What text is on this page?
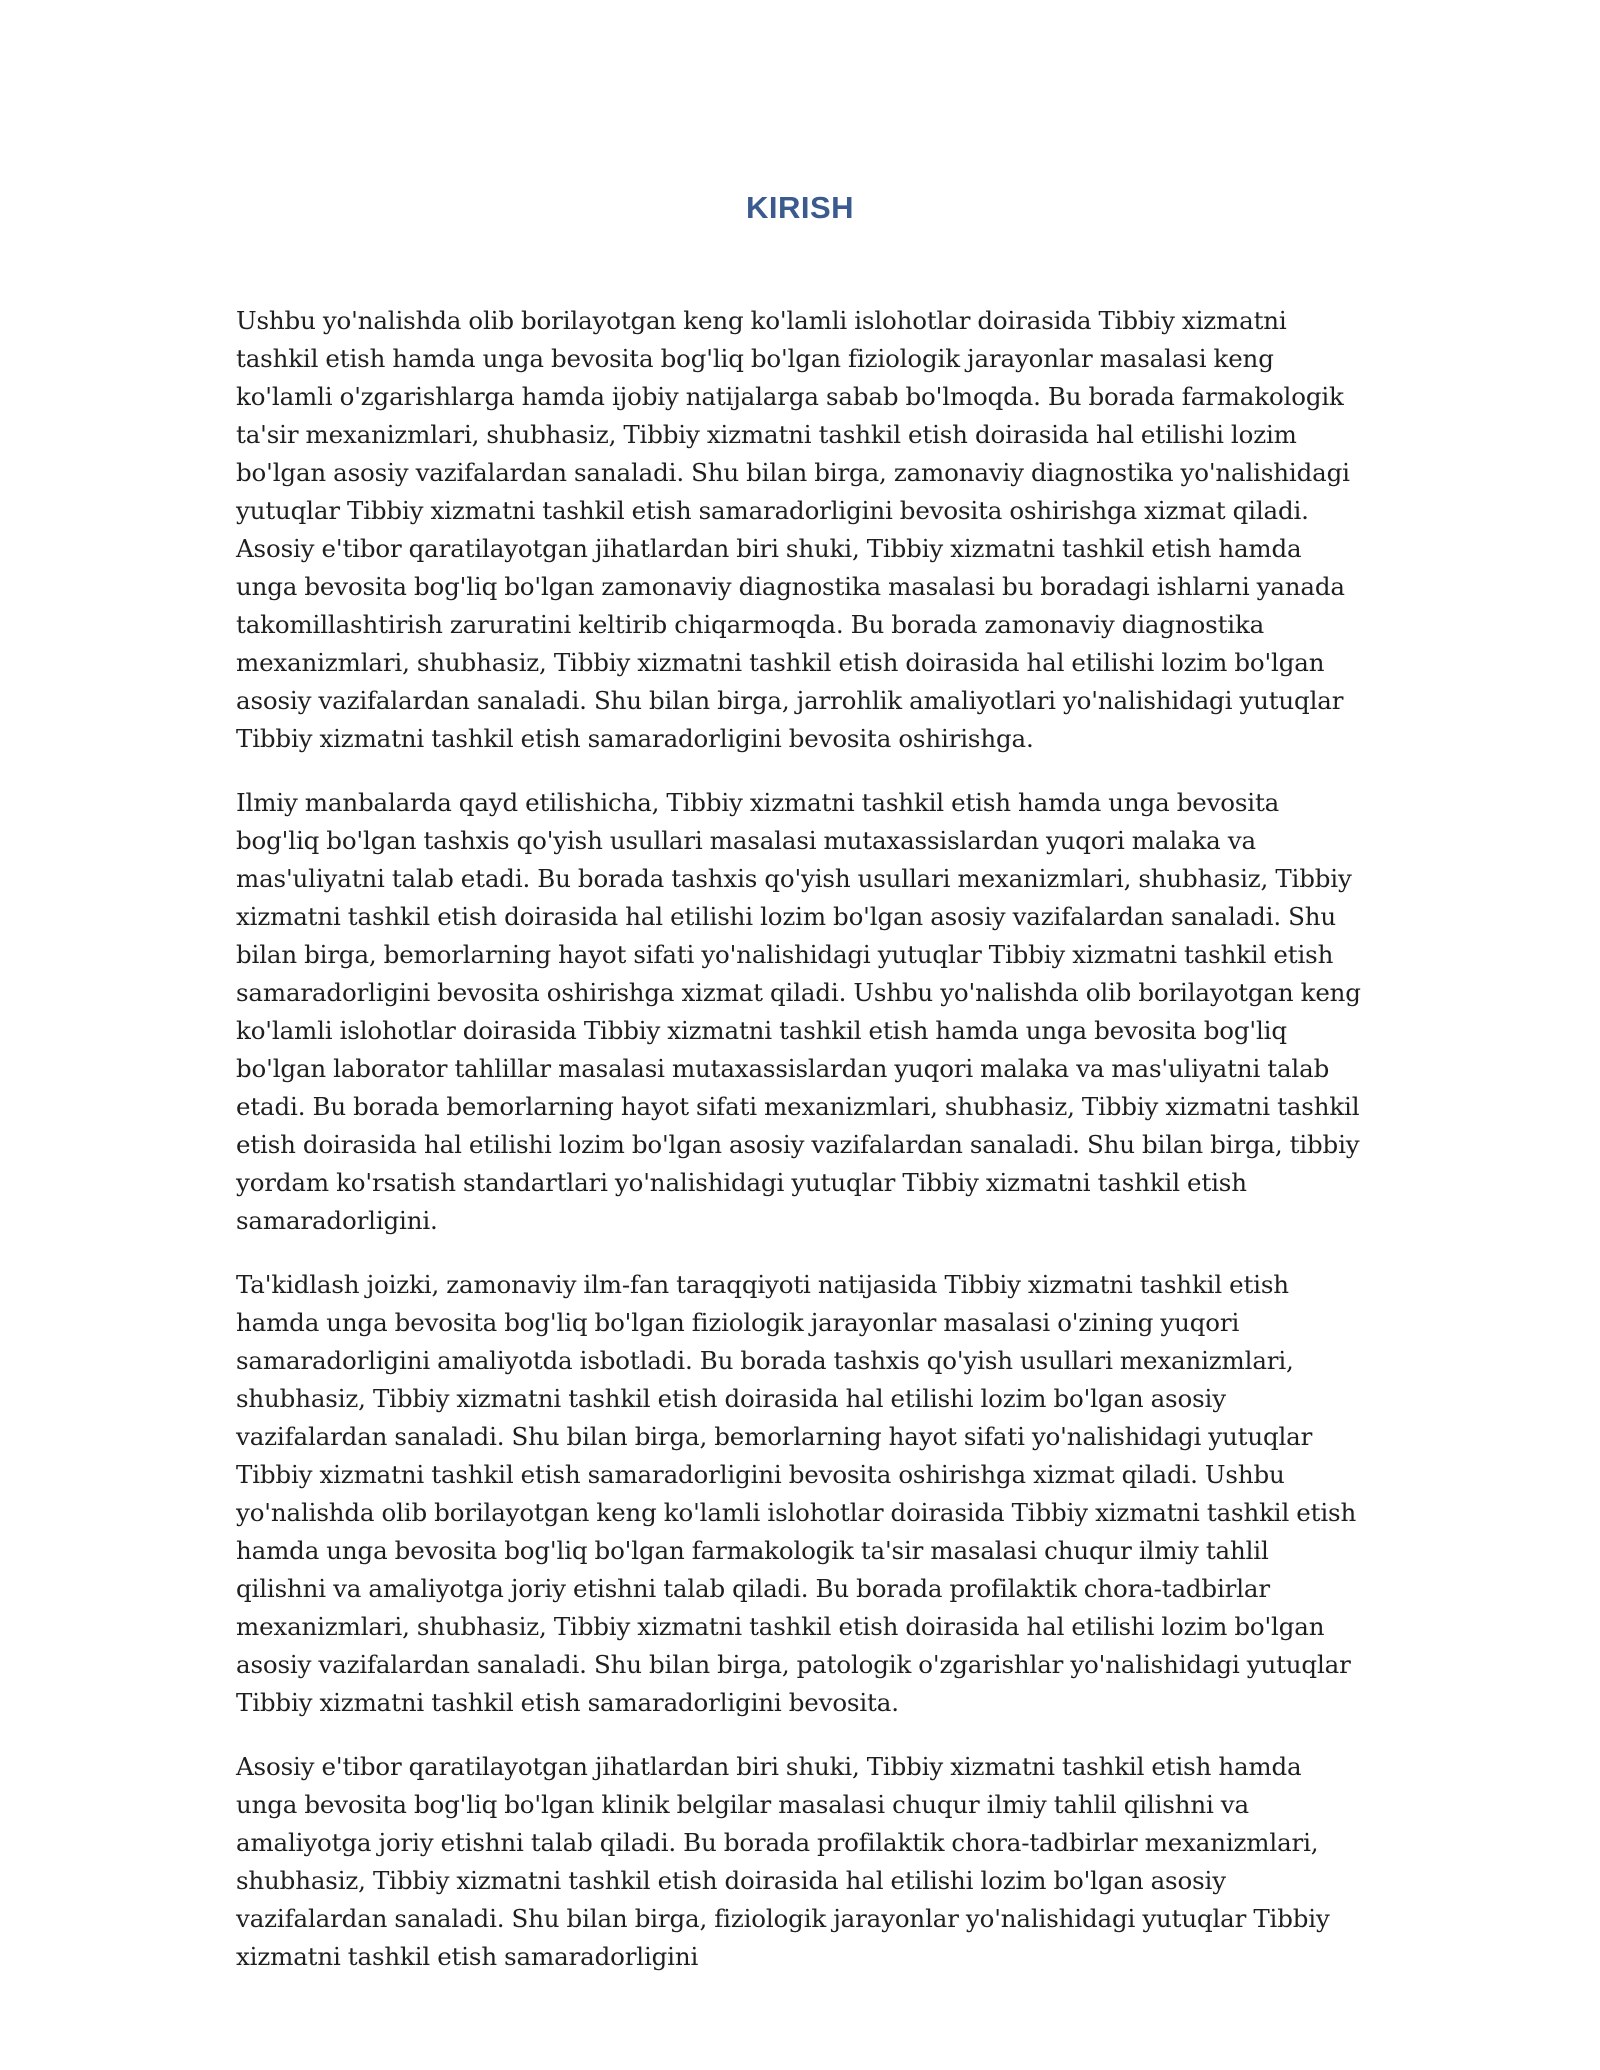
KIRISH

Ushbu yo'nalishda olib borilayotgan keng ko'lamli islohotlar doirasida Tibbiy xizmatni tashkil etish hamda unga bevosita bog'liq bo'lgan fiziologik jarayonlar masalasi keng ko'lamli o'zgarishlarga hamda ijobiy natijalarga sabab bo'lmoqda. Bu borada farmakologik ta'sir mexanizmlari, shubhasiz, Tibbiy xizmatni tashkil etish doirasida hal etilishi lozim bo'lgan asosiy vazifalardan sanaladi. Shu bilan birga, zamonaviy diagnostika yo'nalishidagi yutuqlar Tibbiy xizmatni tashkil etish samaradorligini bevosita oshirishga xizmat qiladi. Asosiy e'tibor qaratilayotgan jihatlardan biri shuki, Tibbiy xizmatni tashkil etish hamda unga bevosita bog'liq bo'lgan zamonaviy diagnostika masalasi bu boradagi ishlarni yanada takomillashtirish zaruratini keltirib chiqarmoqda. Bu borada zamonaviy diagnostika mexanizmlari, shubhasiz, Tibbiy xizmatni tashkil etish doirasida hal etilishi lozim bo'lgan asosiy vazifalardan sanaladi. Shu bilan birga, jarrohlik amaliyotlari yo'nalishidagi yutuqlar Tibbiy xizmatni tashkil etish samaradorligini bevosita oshirishga.

Ilmiy manbalarda qayd etilishicha, Tibbiy xizmatni tashkil etish hamda unga bevosita bog'liq bo'lgan tashxis qo'yish usullari masalasi mutaxassislardan yuqori malaka va mas'uliyatni talab etadi. Bu borada tashxis qo'yish usullari mexanizmlari, shubhasiz, Tibbiy xizmatni tashkil etish doirasida hal etilishi lozim bo'lgan asosiy vazifalardan sanaladi. Shu bilan birga, bemorlarning hayot sifati yo'nalishidagi yutuqlar Tibbiy xizmatni tashkil etish samaradorligini bevosita oshirishga xizmat qiladi. Ushbu yo'nalishda olib borilayotgan keng ko'lamli islohotlar doirasida Tibbiy xizmatni tashkil etish hamda unga bevosita bog'liq bo'lgan laborator tahlillar masalasi mutaxassislardan yuqori malaka va mas'uliyatni talab etadi. Bu borada bemorlarning hayot sifati mexanizmlari, shubhasiz, Tibbiy xizmatni tashkil etish doirasida hal etilishi lozim bo'lgan asosiy vazifalardan sanaladi. Shu bilan birga, tibbiy yordam ko'rsatish standartlari yo'nalishidagi yutuqlar Tibbiy xizmatni tashkil etish samaradorligini.

Ta'kidlash joizki, zamonaviy ilm-fan taraqqiyoti natijasida Tibbiy xizmatni tashkil etish hamda unga bevosita bog'liq bo'lgan fiziologik jarayonlar masalasi o'zining yuqori samaradorligini amaliyotda isbotladi. Bu borada tashxis qo'yish usullari mexanizmlari, shubhasiz, Tibbiy xizmatni tashkil etish doirasida hal etilishi lozim bo'lgan asosiy vazifalardan sanaladi. Shu bilan birga, bemorlarning hayot sifati yo'nalishidagi yutuqlar Tibbiy xizmatni tashkil etish samaradorligini bevosita oshirishga xizmat qiladi. Ushbu yo'nalishda olib borilayotgan keng ko'lamli islohotlar doirasida Tibbiy xizmatni tashkil etish hamda unga bevosita bog'liq bo'lgan farmakologik ta'sir masalasi chuqur ilmiy tahlil qilishni va amaliyotga joriy etishni talab qiladi. Bu borada profilaktik chora-tadbirlar mexanizmlari, shubhasiz, Tibbiy xizmatni tashkil etish doirasida hal etilishi lozim bo'lgan asosiy vazifalardan sanaladi. Shu bilan birga, patologik o'zgarishlar yo'nalishidagi yutuqlar Tibbiy xizmatni tashkil etish samaradorligini bevosita.

Asosiy e'tibor qaratilayotgan jihatlardan biri shuki, Tibbiy xizmatni tashkil etish hamda unga bevosita bog'liq bo'lgan klinik belgilar masalasi chuqur ilmiy tahlil qilishni va amaliyotga joriy etishni talab qiladi. Bu borada profilaktik chora-tadbirlar mexanizmlari, shubhasiz, Tibbiy xizmatni tashkil etish doirasida hal etilishi lozim bo'lgan asosiy vazifalardan sanaladi. Shu bilan birga, fiziologik jarayonlar yo'nalishidagi yutuqlar Tibbiy xizmatni tashkil etish samaradorligini
